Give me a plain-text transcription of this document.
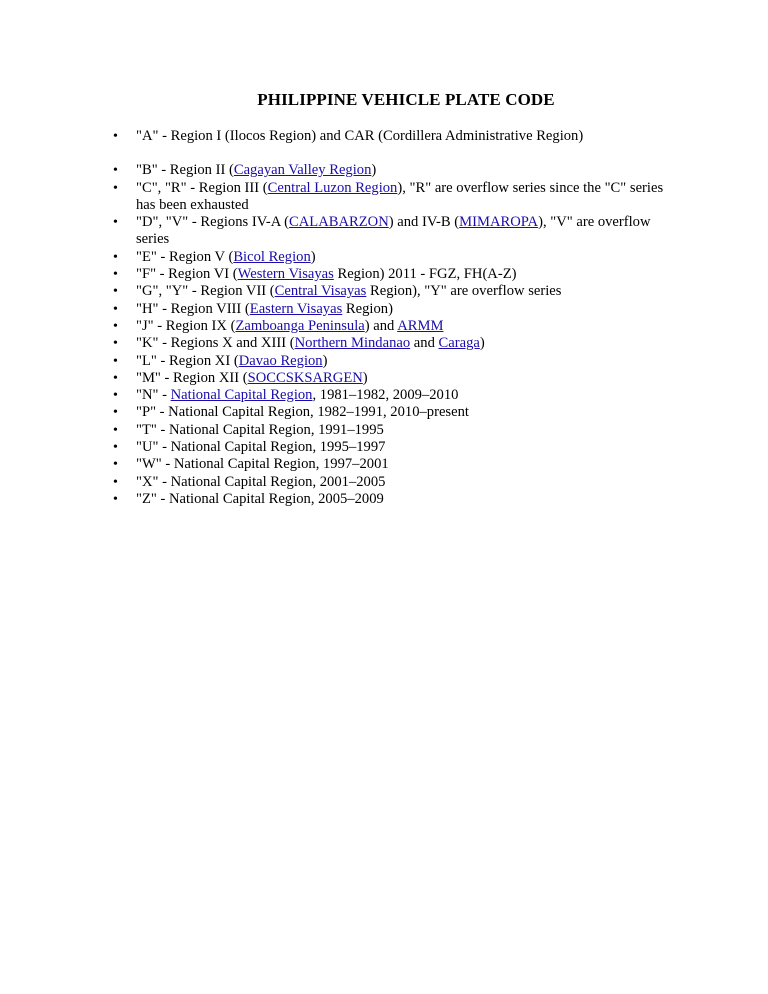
PHILIPPINE VEHICLE PLATE CODE
• "A" - Region I (Ilocos Region) and CAR (Cordillera Administrative Region)
• "B" - Region II (Cagayan Valley Region)
• "C", "R" - Region III (Central Luzon Region), "R" are overflow series since the "C" series has been exhausted
• "D", "V" - Regions IV-A (CALABARZON) and IV-B (MIMAROPA), "V" are overflow series
• "E" - Region V (Bicol Region)
• "F" - Region VI (Western Visayas Region) 2011 - FGZ, FH(A-Z)
• "G", "Y" - Region VII (Central Visayas Region), "Y" are overflow series
• "H" - Region VIII (Eastern Visayas Region)
• "J" - Region IX (Zamboanga Peninsula) and ARMM
• "K" - Regions X and XIII (Northern Mindanao and Caraga)
• "L" - Region XI (Davao Region)
• "M" - Region XII (SOCCSKSARGEN)
• "N" - National Capital Region, 1981–1982, 2009–2010
• "P" - National Capital Region, 1982–1991, 2010–present
• "T" - National Capital Region, 1991–1995
• "U" - National Capital Region, 1995–1997
• "W" - National Capital Region, 1997–2001
• "X" - National Capital Region, 2001–2005
• "Z" - National Capital Region, 2005–2009
